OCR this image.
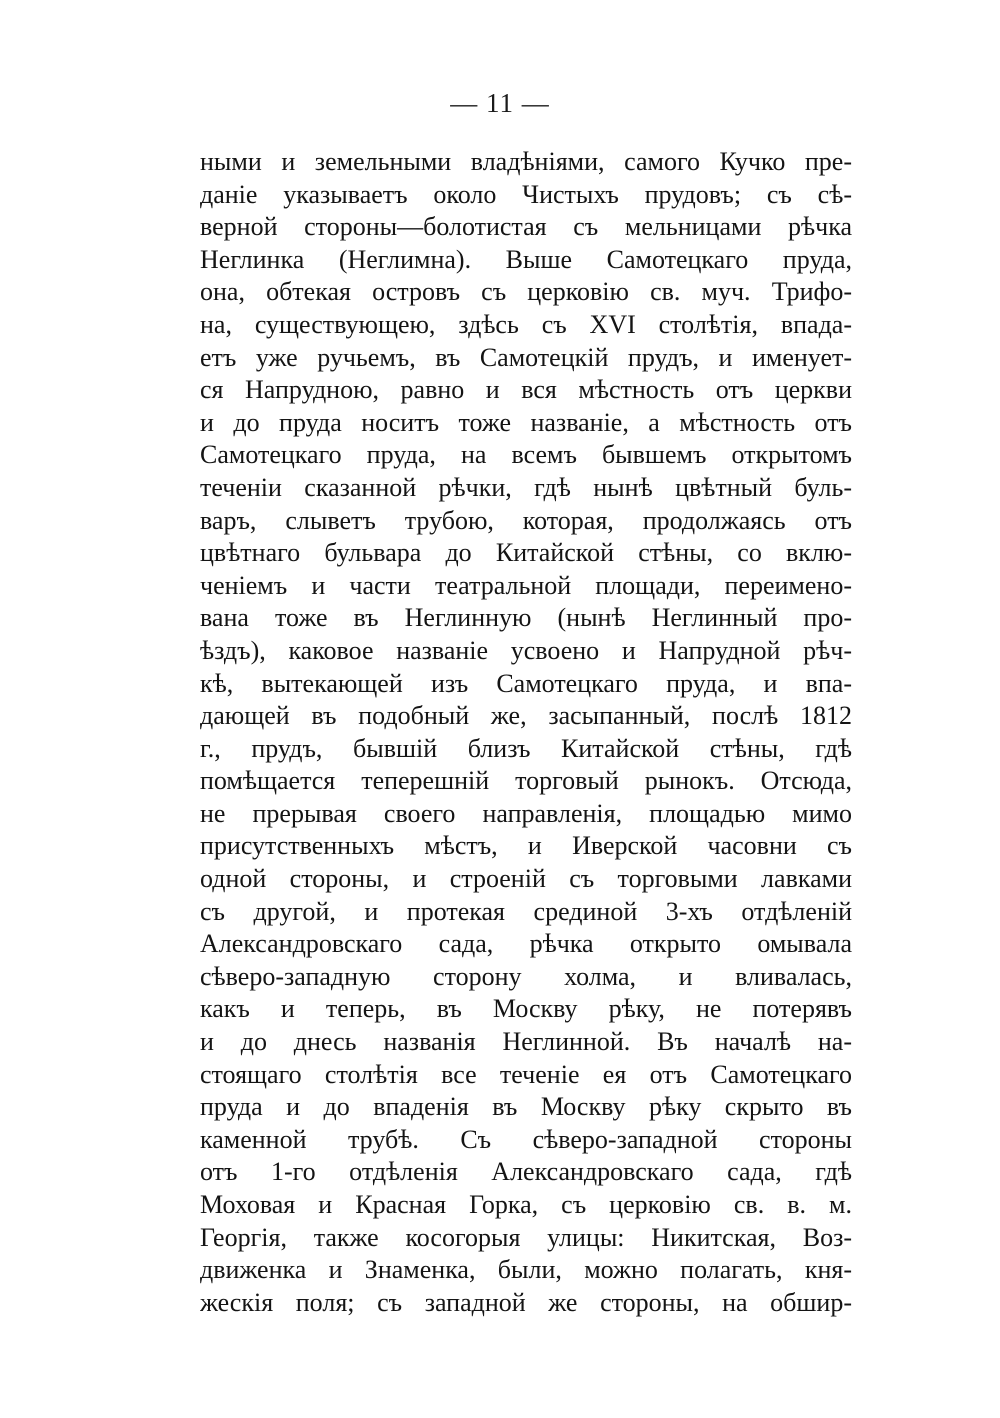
— 11 —
ными и земельными владѣніями, самого Кучко пре-
даніе указываетъ около Чистыхъ прудовъ; съ сѣ-
верной стороны—болотистая съ мельницами рѣчка
Неглинка (Неглимна). Выше Самотецкаго пруда,
она, обтекая островъ съ церковію св. муч. Трифо-
на, существующею, здѣсь съ XVI столѣтія, впада-
етъ уже ручьемъ, въ Самотецкій прудъ, и именует-
ся Напрудною, равно и вся мѣстность отъ церкви
и до пруда носитъ тоже названіе, а мѣстность отъ
Самотецкаго пруда, на всемъ бывшемъ открытомъ
теченіи сказанной рѣчки, гдѣ нынѣ цвѣтный буль-
варъ, слыветъ трубою, которая, продолжаясь отъ
цвѣтнаго бульвара до Китайской стѣны, со вклю-
ченіемъ и части театральной площади, переимено-
вана тоже въ Неглинную (нынѣ Неглинный про-
ѣздъ), каковое названіе усвоено и Напрудной рѣч-
кѣ, вытекающей изъ Самотецкаго пруда, и впа-
дающей въ подобный же, засыпанный, послѣ 1812
г., прудъ, бывшій близъ Китайской стѣны, гдѣ
помѣщается теперешній торговый рынокъ. Отсюда,
не прерывая своего направленія, площадью мимо
присутственныхъ мѣстъ, и Иверской часовни съ
одной стороны, и строеній съ торговыми лавками
съ другой, и протекая срединой 3-хъ отдѣленій
Александровскаго сада, рѣчка открыто омывала
сѣверо-западную сторону холма, и вливалась,
какъ и теперь, въ Москву рѣку, не потерявъ
и до днесь названія Неглинной. Въ началѣ на-
стоящаго столѣтія все теченіе ея отъ Самотецкаго
пруда и до впаденія въ Москву рѣку скрыто въ
каменной трубѣ. Съ сѣверо-западной стороны
отъ 1-го отдѣленія Александровскаго сада, гдѣ
Моховая и Красная Горка, съ церковію св. в. м.
Георгія, также косогорыя улицы: Никитская, Воз-
движенка и Знаменка, были, можно полагать, кня-
жескія поля; съ западной же стороны, на обшир-
